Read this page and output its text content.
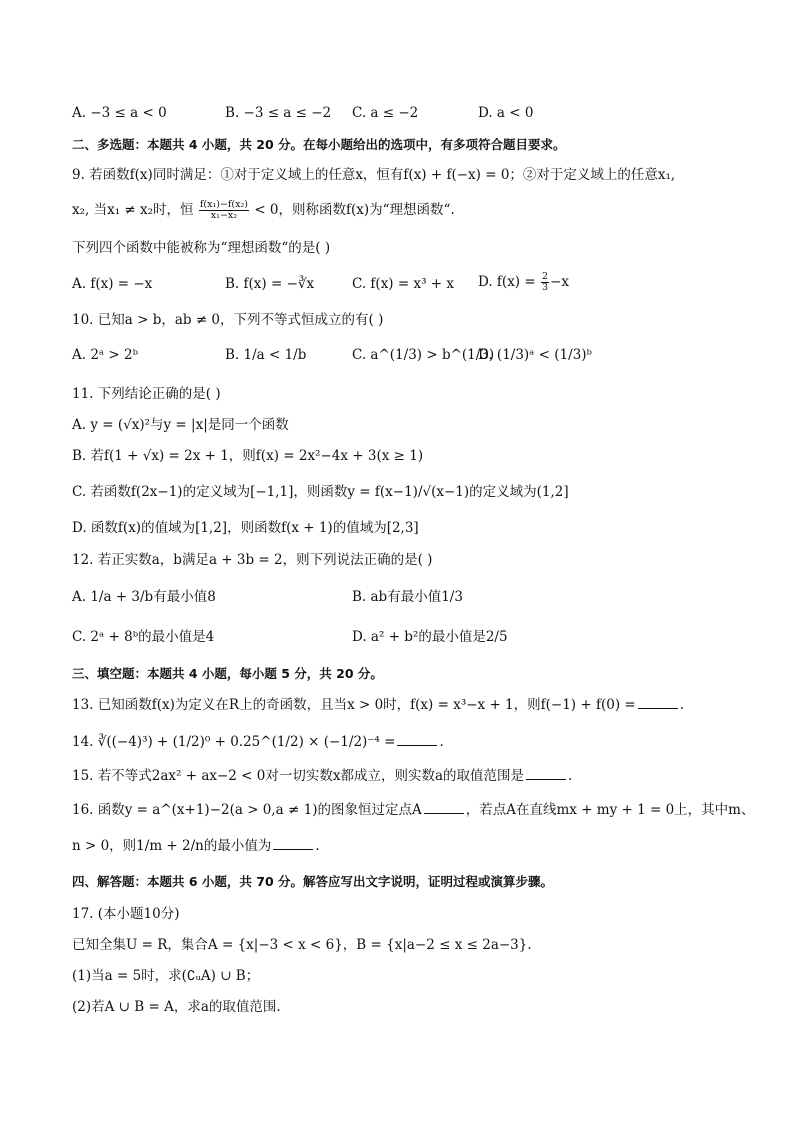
A. −3 ≤ a < 0	B. −3 ≤ a ≤ −2 C. a ≤ −2	D. a < 0
二、多选题：本题共 4 小题，共 20 分。在每小题给出的选项中，有多项符合题目要求。
9. 若函数f(x)同时满足：①对于定义域上的任意x，恒有f(x) + f(−x) = 0；②对于定义域上的任意x₁,
x₂, 当x₁ ≠ x₂时，恒 $\frac{\text{f(x₁)−f(x₂)}}{\text{x₁−x₂}} < 0$，则称函数f(x)为“理想函数“.
下列四个函数中能被称为“理想函数“的是( )
A. f(x) = −x	B. f(x) = −∛x	C. f(x) = x³ + x D. $f(x) = \frac{2}{3} -x$
10. 已知a > b，ab ≠ 0，下列不等式恒成立的有( )
A. 2ᵃ > 2ᵇ	B. 1/a < 1/b	C. a^(1/3) > b^(1/3)
D. (1/3)ᵃ < (1/3)ᵇ
11. 下列结论正确的是( )
A. y = (√x)²与y = |x|是同一个函数
B. 若f(1 + √x) = 2x + 1，则f(x) = 2x²−4x + 3(x ≥ 1)
C. 若函数f(2x−1)的定义域为[−1,1]，则函数y = f(x−1)/√(x−1)的定义域为(1,2]
D. 函数f(x)的值域为[1,2]，则函数f(x + 1)的值域为[2,3]
12. 若正实数a，b满足a + 3b = 2，则下列说法正确的是( )
A. 1/a + 3/b有最小值8	B. ab有最小值1/3
C. 2ᵃ + 8ᵇ的最小值是4	D. a² + b²的最小值是2/5
三、填空题：本题共 4 小题，每小题 5 分，共 20 分。
13. 已知函数f(x)为定义在R上的奇函数，且当x > 0时，f(x) = x³−x + 1，则f(−1) + f(0) =	.
14. ∛((−4)³) + (1/2)⁰ + 0.25^(1/2) × (−1/2)⁻⁴ =	.
15. 若不等式2ax² + ax−2 < 0对一切实数x都成立，则实数a的取值范围是	.
16. 函数y = a^(x+1)−2(a > 0,a ≠ 1)的图象恒过定点A	，若点A在直线mx + my + 1 = 0上，其中m、
n > 0，则1/m + 2/n的最小值为	.
四、解答题：本题共 6 小题，共 70 分。解答应写出文字说明，证明过程或演算步骤。
17. (本小题10分)
已知全集U = R，集合A = {x|−3 < x < 6}，B = {x|a−2 ≤ x ≤ 2a−3}.
(1)当a = 5时，求(∁ᵤA) ∪ B；
(2)若A ∪ B = A，求a的取值范围.
